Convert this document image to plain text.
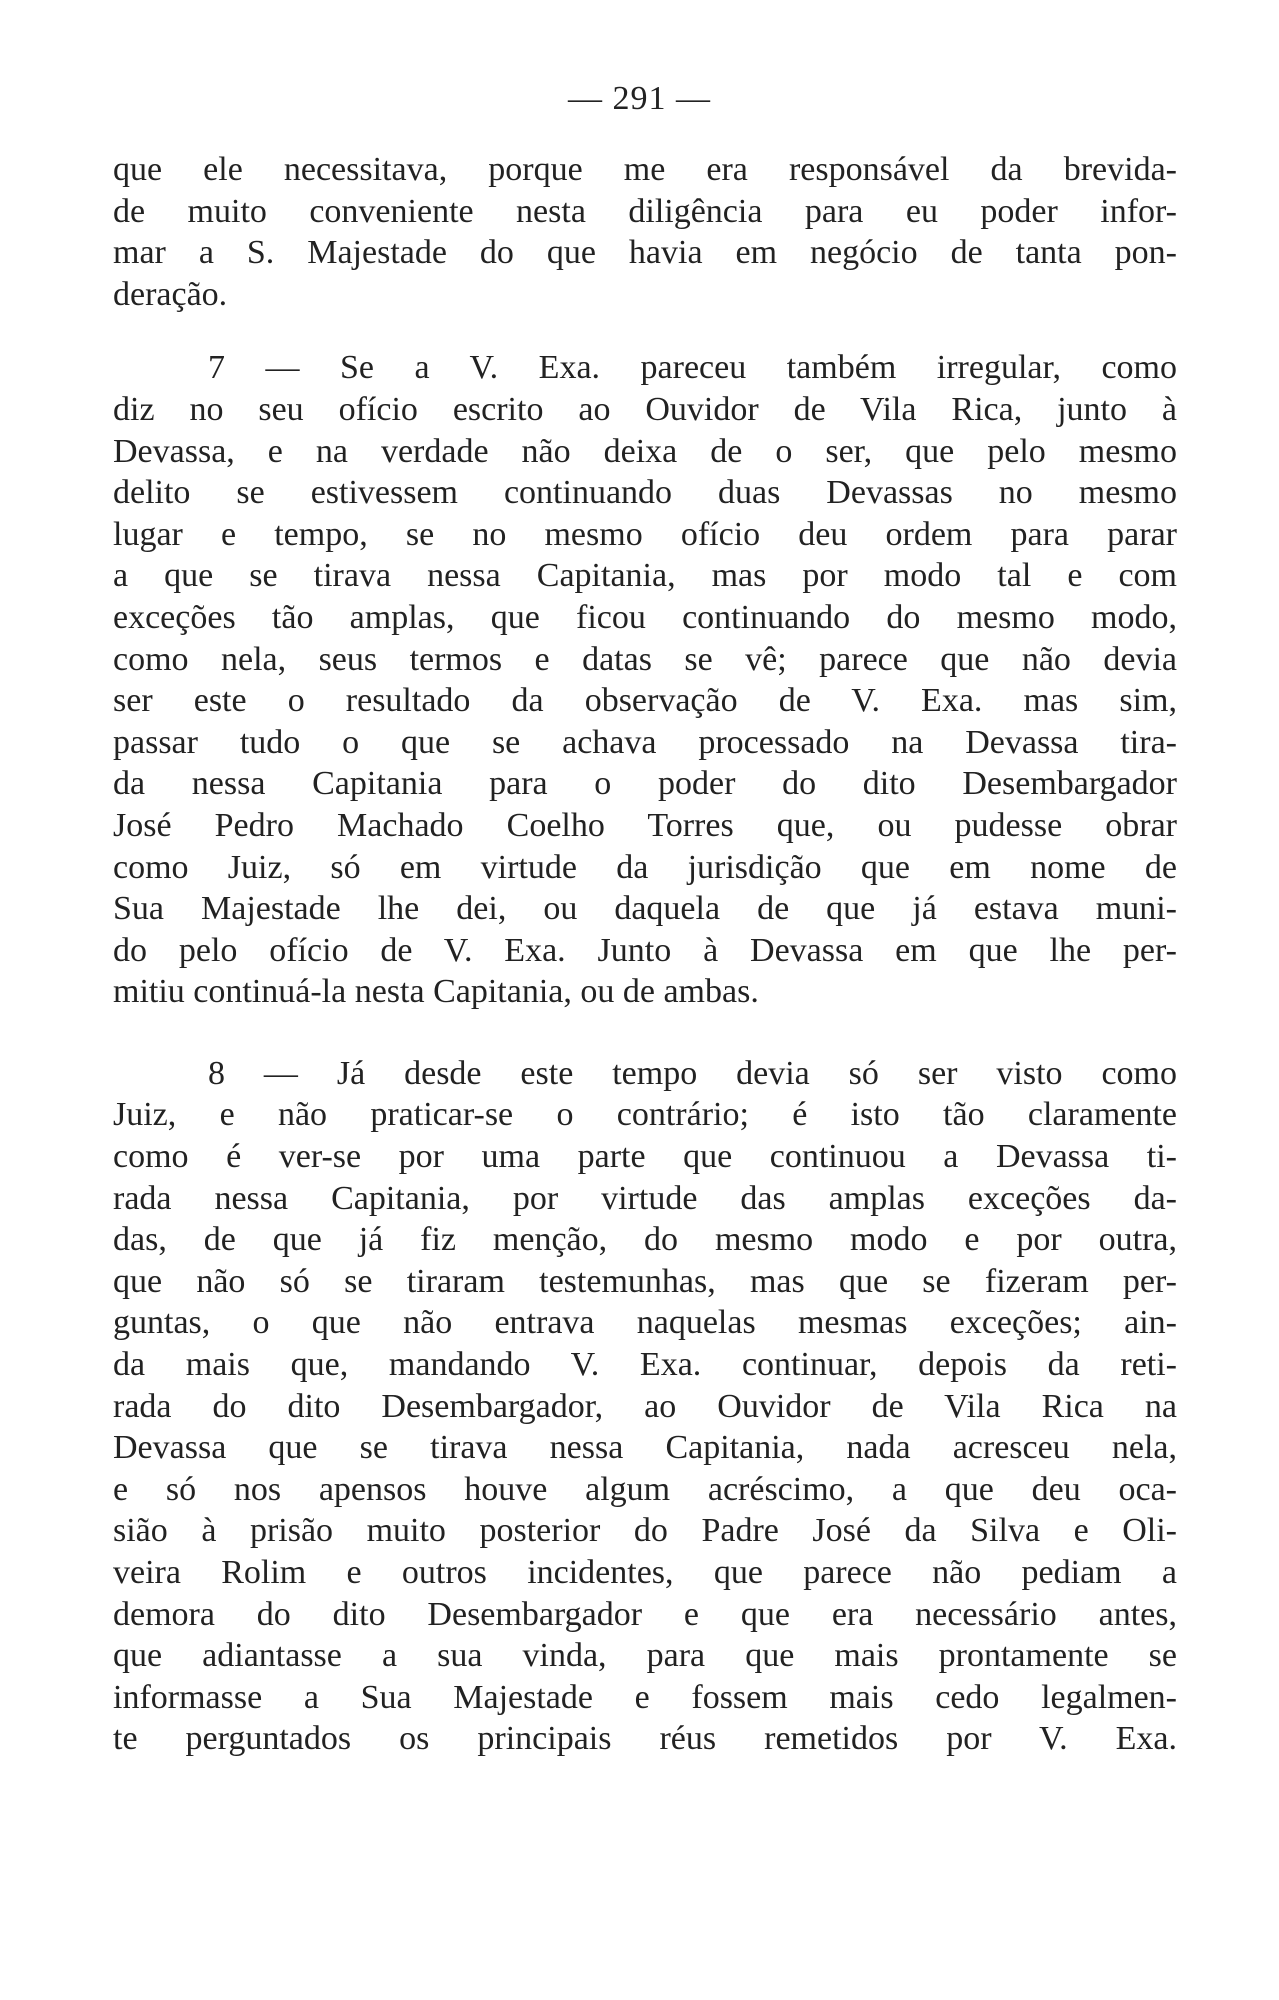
— 291 —
que ele necessitava, porque me era responsável da brevida-
de muito conveniente nesta diligência para eu poder infor-
mar a S. Majestade do que havia em negócio de tanta pon-
deração.
7 — Se a V. Exa. pareceu também irregular, como
diz no seu ofício escrito ao Ouvidor de Vila Rica, junto à
Devassa, e na verdade não deixa de o ser, que pelo mesmo
delito se estivessem continuando duas Devassas no mesmo
lugar e tempo, se no mesmo ofício deu ordem para parar
a que se tirava nessa Capitania, mas por modo tal e com
exceções tão amplas, que ficou continuando do mesmo modo,
como nela, seus termos e datas se vê; parece que não devia
ser este o resultado da observação de V. Exa. mas sim,
passar tudo o que se achava processado na Devassa tira-
da nessa Capitania para o poder do dito Desembargador
José Pedro Machado Coelho Torres que, ou pudesse obrar
como Juiz, só em virtude da jurisdição que em nome de
Sua Majestade lhe dei, ou daquela de que já estava muni-
do pelo ofício de V. Exa. Junto à Devassa em que lhe per-
mitiu continuá-la nesta Capitania, ou de ambas.
8 — Já desde este tempo devia só ser visto como
Juiz, e não praticar-se o contrário; é isto tão claramente
como é ver-se por uma parte que continuou a Devassa ti-
rada nessa Capitania, por virtude das amplas exceções da-
das, de que já fiz menção, do mesmo modo e por outra,
que não só se tiraram testemunhas, mas que se fizeram per-
guntas, o que não entrava naquelas mesmas exceções; ain-
da mais que, mandando V. Exa. continuar, depois da reti-
rada do dito Desembargador, ao Ouvidor de Vila Rica na
Devassa que se tirava nessa Capitania, nada acresceu nela,
e só nos apensos houve algum acréscimo, a que deu oca-
sião à prisão muito posterior do Padre José da Silva e Oli-
veira Rolim e outros incidentes, que parece não pediam a
demora do dito Desembargador e que era necessário antes,
que adiantasse a sua vinda, para que mais prontamente se
informasse a Sua Majestade e fossem mais cedo legalmen-
te perguntados os principais réus remetidos por V. Exa.
